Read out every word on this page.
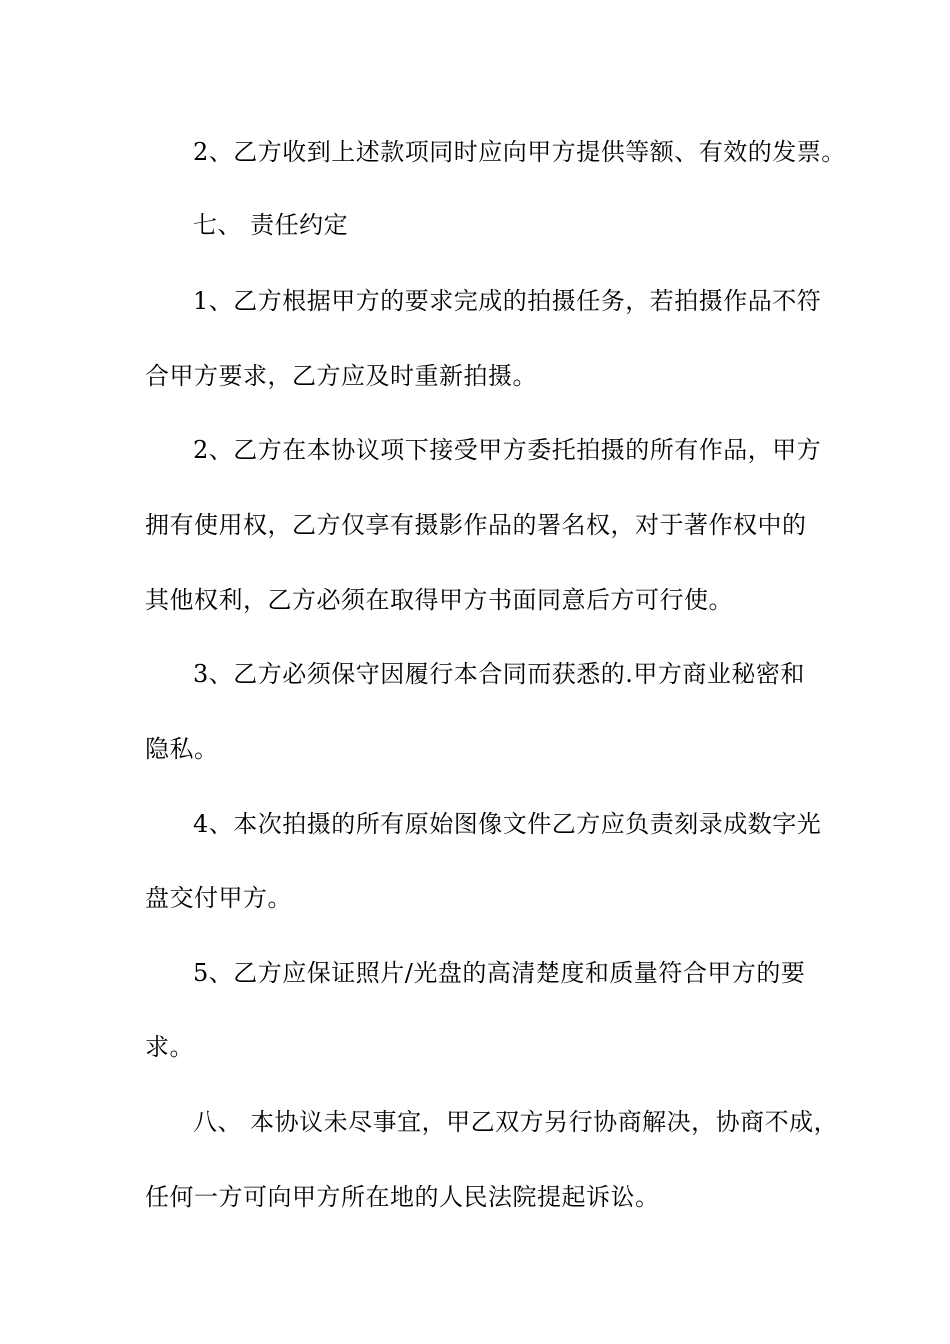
2、乙方收到上述款项同时应向甲方提供等额、有效的发票。
七、 责任约定
1、乙方根据甲方的要求完成的拍摄任务，若拍摄作品不符
合甲方要求，乙方应及时重新拍摄。
2、乙方在本协议项下接受甲方委托拍摄的所有作品，甲方
拥有使用权，乙方仅享有摄影作品的署名权，对于著作权中的
其他权利，乙方必须在取得甲方书面同意后方可行使。
3、乙方必须保守因履行本合同而获悉的.甲方商业秘密和
隐私。
4、本次拍摄的所有原始图像文件乙方应负责刻录成数字光
盘交付甲方。
5、乙方应保证照片/光盘的高清楚度和质量符合甲方的要
求。
八、 本协议未尽事宜，甲乙双方另行协商解决，协商不成，
任何一方可向甲方所在地的人民法院提起诉讼。
